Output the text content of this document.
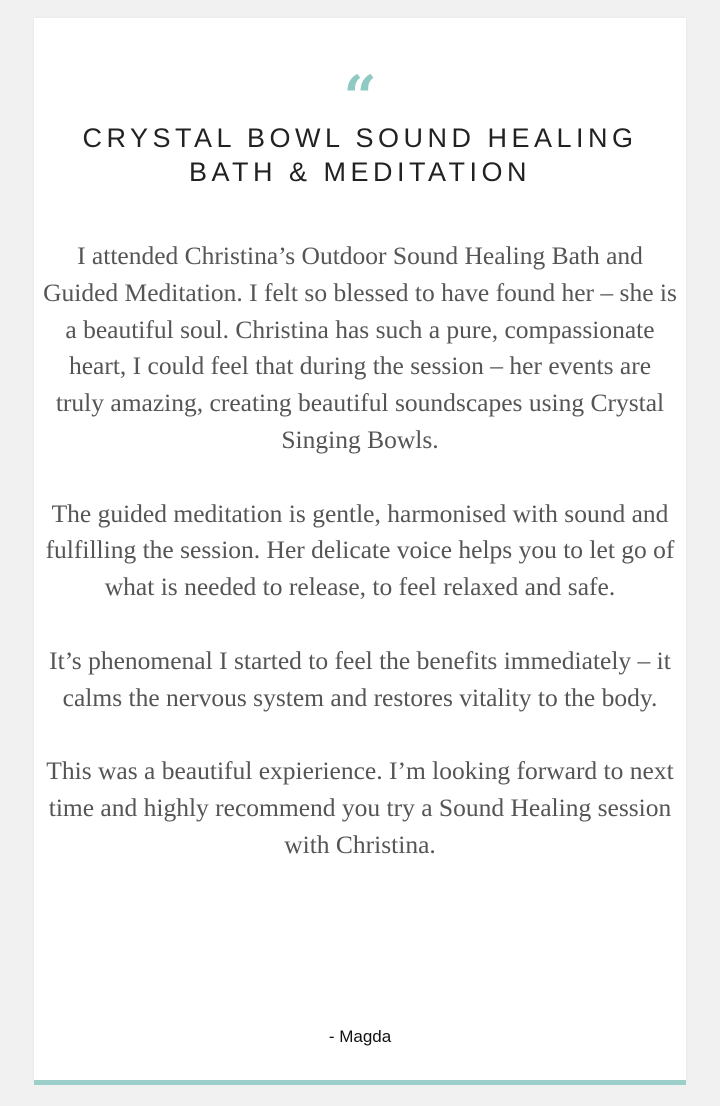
“
CRYSTAL BOWL SOUND HEALING BATH & MEDITATION

I attended Christina’s Outdoor Sound Healing Bath and Guided Meditation. I felt so blessed to have found her – she is a beautiful soul. Christina has such a pure, compassionate heart, I could feel that during the session – her events are truly amazing, creating beautiful soundscapes using Crystal Singing Bowls.

The guided meditation is gentle, harmonised with sound and fulfilling the session. Her delicate voice helps you to let go of what is needed to release, to feel relaxed and safe.

It’s phenomenal I started to feel the benefits immediately – it calms the nervous system and restores vitality to the body.

This was a beautiful expierience. I’m looking forward to next time and highly recommend you try a Sound Healing session with Christina.

- Magda
